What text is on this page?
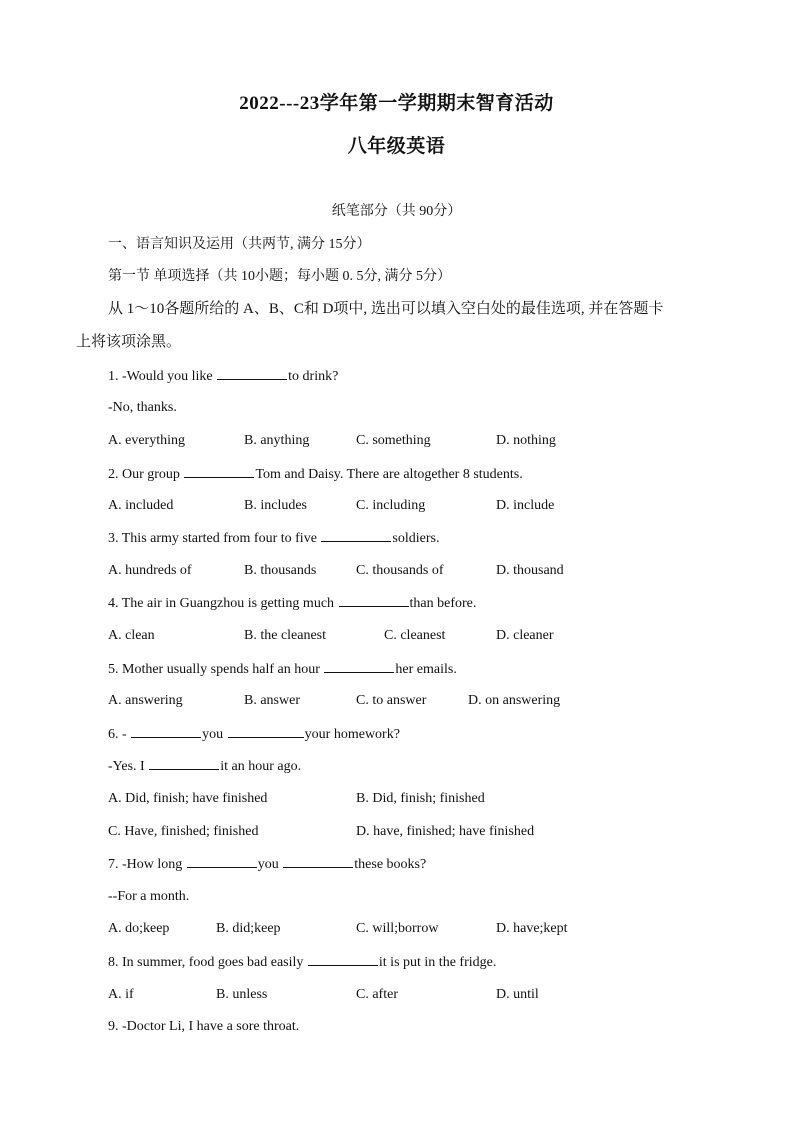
2022---23学年第一学期期末智育活动
八年级英语
纸笔部分（共 90分）
一、语言知识及运用（共两节, 满分 15分）
第一节 单项选择（共 10小题；每小题 0. 5分, 满分 5分）
从 1～10各题所给的 A、B、C和 D项中, 选出可以填入空白处的最佳选项, 并在答题卡
上将该项涂黑。
1. -Would you like	to drink?
-No, thanks.
A. everything	B. anything	C. something	D. nothing
2. Our group	Tom and Daisy. There are altogether 8 students.
A. included	B. includes	C. including	D. include
3. This army started from four to five	soldiers.
A. hundreds of	B. thousands	C. thousands of	D. thousand
4. The air in Guangzhou is getting much	than before.
A. clean	B. the cleanest	C. cleanest	D. cleaner
5. Mother usually spends half an hour	her emails.
A. answering	B. answer	C. to answer	D. on answering
6. -	you	your homework?
-Yes. I	it an hour ago.
A. Did, finish; have finished	B. Did, finish; finished
C. Have, finished; finished	D. have, finished; have finished
7. -How long	you	these books?
--For a month.
A. do;keep	B. did;keep	C. will;borrow	D. have;kept
8. In summer, food goes bad easily	it is put in the fridge.
A. if	B. unless	C. after	D. until
9. -Doctor Li, I have a sore throat.
